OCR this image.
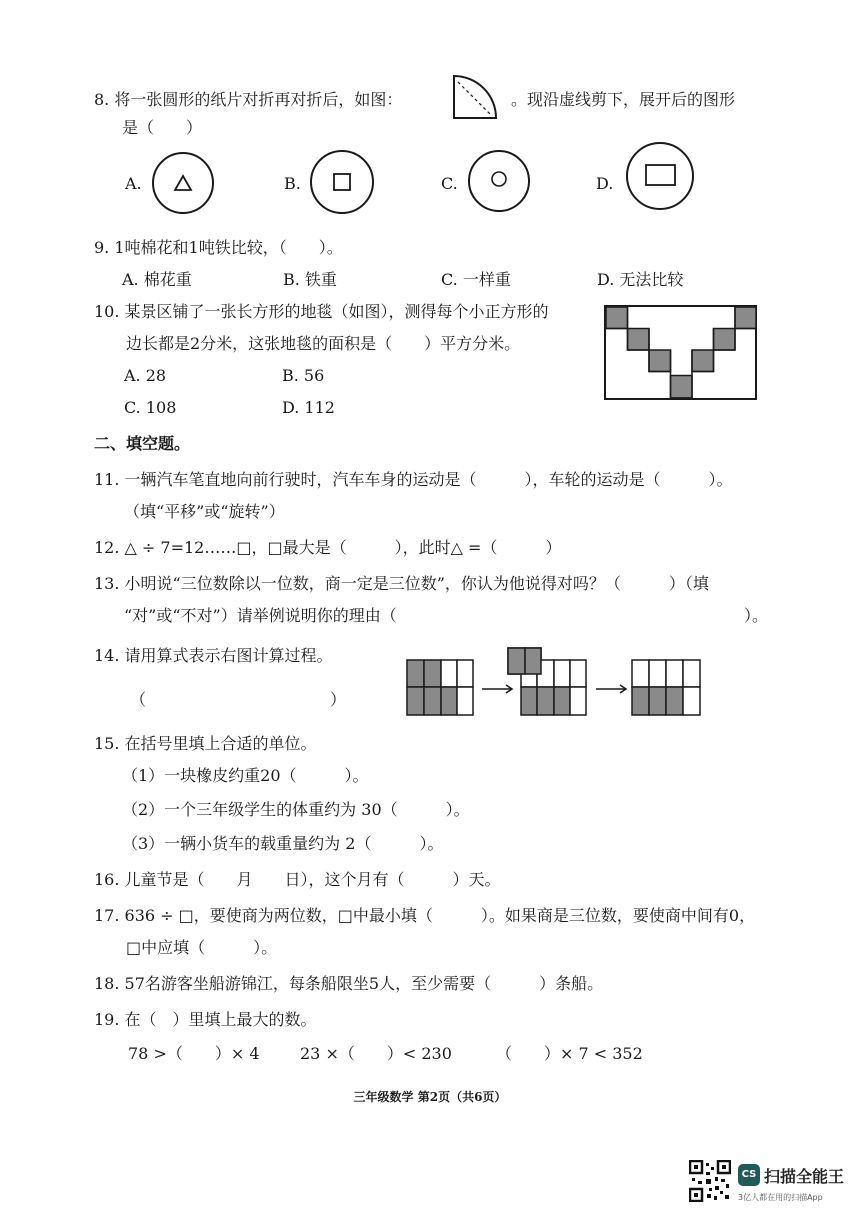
8. 将一张圆形的纸片对折再对折后，如图：	。现沿虚线剪下，展开后的图形
是（　　）
A.	B.	C.	D.
9. 1吨棉花和1吨铁比较，（　　）。
A. 棉花重	B. 铁重	C. 一样重	D. 无法比较
10. 某景区铺了一张长方形的地毯（如图），测得每个小正方形的
边长都是2分米，这张地毯的面积是（　　）平方分米。
A. 28	B. 56
C. 108	D. 112
二、填空题。
11. 一辆汽车笔直地向前行驶时，汽车车身的运动是（　　　），车轮的运动是（　　　）。
（填“平移”或“旋转”）
12. △ ÷ 7=12……□，□最大是（　　　），此时△ =（　　　）
13. 小明说“三位数除以一位数，商一定是三位数”，你认为他说得对吗？（　　　）（填
“对”或“不对”）请举例说明你的理由（	）。
14. 请用算式表示右图计算过程。
（	）
15. 在括号里填上合适的单位。
（1）一块橡皮约重20（　　　）。
（2）一个三年级学生的体重约为 30（　　　）。
（3）一辆小货车的载重量约为 2（　　　）。
16. 儿童节是（　　月　　日），这个月有（　　　）天。
17. 636 ÷ □，要使商为两位数，□中最小填（　　　）。如果商是三位数，要使商中间有0，
□中应填（　　　）。
18. 57名游客坐船游锦江，每条船限坐5人，至少需要（　　　）条船。
19. 在（　）里填上最大的数。
78 >（　　）× 4	23 ×（　　）< 230	（　　）× 7 < 352
三年级数学 第2页（共6页）
CS 扫描全能王
3亿人都在用的扫描App
